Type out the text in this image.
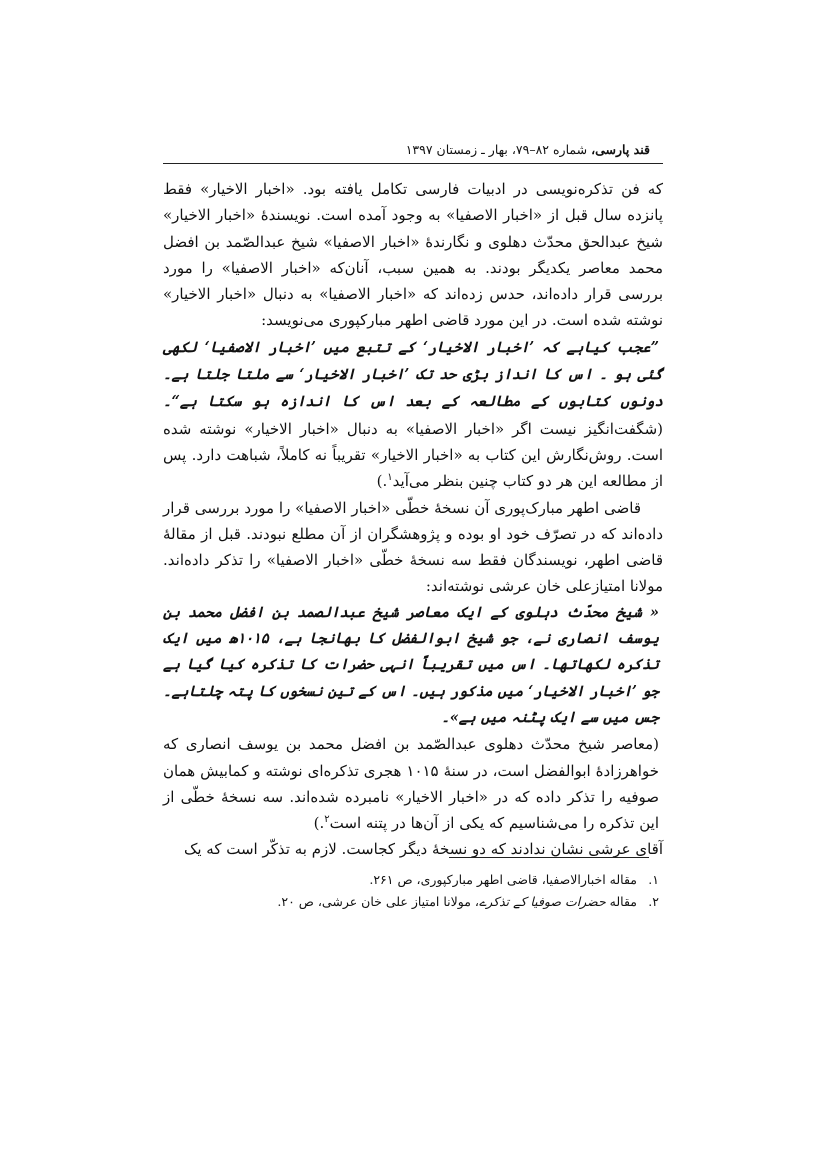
قند پارسی، شماره ۸۲–۷۹، بهار ـ زمستان ۱۳۹۷

که فن تذکره‌نویسی در ادبیات فارسی تکامل یافته بود. «اخبار الاخیار» فقط پانزده سال قبل از «اخبار الاصفیا» به وجود آمده است. نویسندهٔ «اخبار الاخیار» شیخ عبدالحق محدّث دهلوی و نگارندهٔ «اخبار الاصفیا» شیخ عبدالصّمد بن افضل محمد معاصر یکدیگر بودند. به همین سبب، آنان‌که «اخبار الاصفیا» را مورد بررسی قرار داده‌اند، حدس زده‌اند که «اخبار الاصفیا» به دنبال «اخبار الاخیار» نوشته شده است. در این مورد قاضی اطهر مبارکپوری می‌نویسد:

”عجب کیاہے کہ ’اخبار الاخیار‘ کے تتبع میں ’اخبار الاصفیا‘ لکھی گئی ہو ۔ اس کا انداز بڑی حد تک ’اخبار الاخیار‘ سے ملتا جلتا ہے۔ دونوں کتابوں کے مطالعہ کے بعد اس کا اندازہ ہو سکتا ہے“۔ (شگفت‌انگیز نیست اگر «اخبار الاصفیا» به دنبال «اخبار الاخیار» نوشته شده است. روش‌نگارش این کتاب به «اخبار الاخیار» تقریباً نه کاملاً، شباهت دارد. پس از مطالعه این هر دو کتاب چنین بنظر می‌آید$^۱$.)

قاضی اطهر مبارک‌پوری آن نسخهٔ خطّی «اخبار الاصفیا» را مورد بررسی قرار داده‌اند که در تصرّف خود او بوده و پژوهشگران از آن مطلع نبودند. قبل از مقالهٔ قاضی اطهر، نویسندگان فقط سه نسخهٔ خطّی «اخبار الاصفیا» را تذکر داده‌اند. مولانا امتیازعلی خان عرشی نوشته‌اند:

« شیخ محدّث دہلوی کے ایک معاصر شیخ عبدالصمد بن افضل محمد بن یوسف انصاری نے، جو شیخ ابوالفضل کا بھانجا ہے، ۱۰۱۵ھ میں ایک تذکرہ لکھاتھا۔ اس میں تقریباً انہی حضرات کا تذکرہ کیا گیا ہے جو ’اخبار الاخیار‘ میں مذکور ہیں۔ اس کے تین نسخوں کا پتہ چلتاہے۔ جس میں سے ایک پٹنہ میں ہے»۔

(معاصر شیخ محدّث دهلوی عبدالصّمد بن افضل محمد بن یوسف انصاری که خواهرزادهٔ ابوالفضل است، در سنهٔ ۱۰۱۵ هجری تذکره‌ای نوشته و کمابیش همان صوفیه را تذکر داده که در «اخبار الاخیار» نامبرده شده‌اند. سه نسخهٔ خطّی از این تذکره را می‌شناسیم که یکی از آن‌ها در پتنه است$^۲$.)

آقای عرشی نشان ندادند که دو نسخهٔ دیگر کجاست. لازم به تذکّر است که یک

۱.مقاله اخبارالاصفیا، قاضی اطهر مبارکپوری، ص ۲۶۱.
۲.مقاله حضرات صوفیا کے تذکرے، مولانا امتیاز علی خان عرشی، ص ۲۰.
